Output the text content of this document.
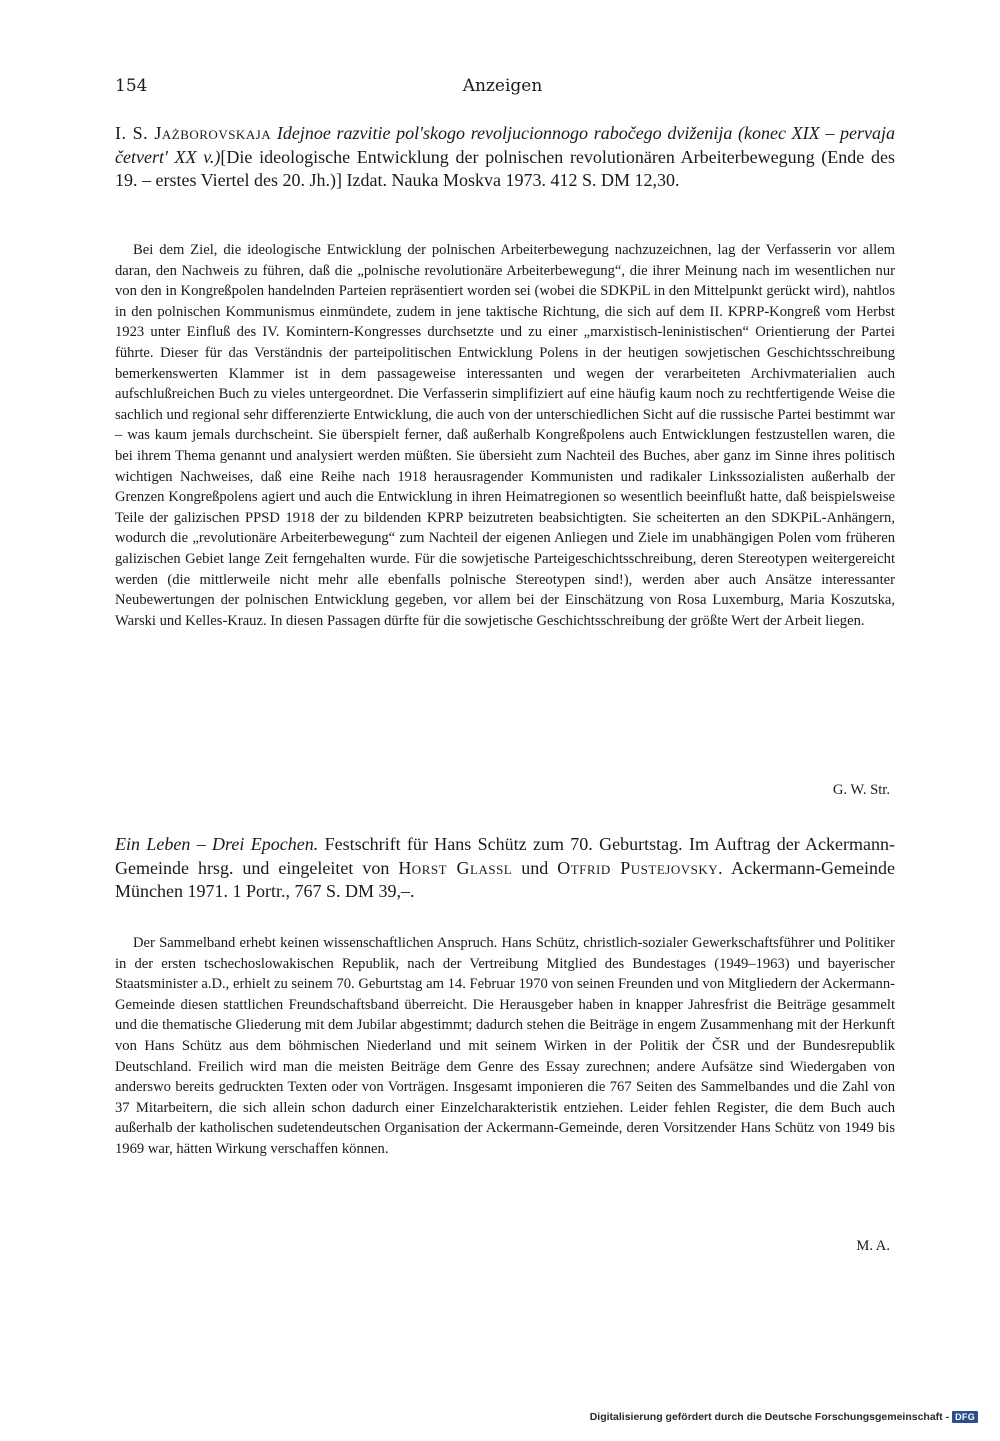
154	Anzeigen
I. S. Jażborovskaja Idejnoe razvitie pol'skogo revoljucionnogo rabočego dviženija (konec XIX – pervaja četvert' XX v.)[Die ideologische Entwicklung der polnischen revolutionären Arbeiterbewegung (Ende des 19. – erstes Viertel des 20. Jh.)] Izdat. Nauka Moskva 1973. 412 S. DM 12,30.
Bei dem Ziel, die ideologische Entwicklung der polnischen Arbeiterbewegung nachzuzeichnen, lag der Verfasserin vor allem daran, den Nachweis zu führen, daß die „polnische revolutionäre Arbeiterbewegung“, die ihrer Meinung nach im wesentlichen nur von den in Kongreßpolen handelnden Parteien repräsentiert worden sei (wobei die SDKPiL in den Mittelpunkt gerückt wird), nahtlos in den polnischen Kommunismus einmündete, zudem in jene taktische Richtung, die sich auf dem II. KPRP-Kongreß vom Herbst 1923 unter Einfluß des IV. Komintern-Kongresses durchsetzte und zu einer „marxistisch-leninistischen“ Orientierung der Partei führte. Dieser für das Verständnis der parteipolitischen Entwicklung Polens in der heutigen sowjetischen Geschichtsschreibung bemerkenswerten Klammer ist in dem passageweise interessanten und wegen der verarbeiteten Archivmaterialien auch aufschlußreichen Buch zu vieles untergeordnet. Die Verfasserin simplifiziert auf eine häufig kaum noch zu rechtfertigende Weise die sachlich und regional sehr differenzierte Entwicklung, die auch von der unterschiedlichen Sicht auf die russische Partei bestimmt war – was kaum jemals durchscheint. Sie überspielt ferner, daß außerhalb Kongreßpolens auch Entwicklungen festzustellen waren, die bei ihrem Thema genannt und analysiert werden müßten. Sie übersieht zum Nachteil des Buches, aber ganz im Sinne ihres politisch wichtigen Nachweises, daß eine Reihe nach 1918 herausragender Kommunisten und radikaler Linkssozialisten außerhalb der Grenzen Kongreßpolens agiert und auch die Entwicklung in ihren Heimatregionen so wesentlich beeinflußt hatte, daß beispielsweise Teile der galizischen PPSD 1918 der zu bildenden KPRP beizutreten beabsichtigten. Sie scheiterten an den SDKPiL-Anhängern, wodurch die „revolutionäre Arbeiterbewegung“ zum Nachteil der eigenen Anliegen und Ziele im unabhängigen Polen vom früheren galizischen Gebiet lange Zeit ferngehalten wurde. Für die sowjetische Parteigeschichtsschreibung, deren Stereotypen weitergereicht werden (die mittlerweile nicht mehr alle ebenfalls polnische Stereotypen sind!), werden aber auch Ansätze interessanter Neubewertungen der polnischen Entwicklung gegeben, vor allem bei der Einschätzung von Rosa Luxemburg, Maria Koszutska, Warski und Kelles-Krauz. In diesen Passagen dürfte für die sowjetische Geschichtsschreibung der größte Wert der Arbeit liegen.
G. W. Str.
Ein Leben – Drei Epochen. Festschrift für Hans Schütz zum 70. Geburtstag. Im Auftrag der Ackermann-Gemeinde hrsg. und eingeleitet von Horst Glassl und Otfrid Pustejovsky. Ackermann-Gemeinde München 1971. 1 Portr., 767 S. DM 39,–.
Der Sammelband erhebt keinen wissenschaftlichen Anspruch. Hans Schütz, christlich-sozialer Gewerkschaftsführer und Politiker in der ersten tschechoslowakischen Republik, nach der Vertreibung Mitglied des Bundestages (1949–1963) und bayerischer Staatsminister a.D., erhielt zu seinem 70. Geburtstag am 14. Februar 1970 von seinen Freunden und von Mitgliedern der Ackermann-Gemeinde diesen stattlichen Freundschaftsband überreicht. Die Herausgeber haben in knapper Jahresfrist die Beiträge gesammelt und die thematische Gliederung mit dem Jubilar abgestimmt; dadurch stehen die Beiträge in engem Zusammenhang mit der Herkunft von Hans Schütz aus dem böhmischen Niederland und mit seinem Wirken in der Politik der ČSR und der Bundesrepublik Deutschland. Freilich wird man die meisten Beiträge dem Genre des Essay zurechnen; andere Aufsätze sind Wiedergaben von anderswo bereits gedruckten Texten oder von Vorträgen. Insgesamt imponieren die 767 Seiten des Sammelbandes und die Zahl von 37 Mitarbeitern, die sich allein schon dadurch einer Einzelcharakteristik entziehen. Leider fehlen Register, die dem Buch auch außerhalb der katholischen sudetendeutschen Organisation der Ackermann-Gemeinde, deren Vorsitzender Hans Schütz von 1949 bis 1969 war, hätten Wirkung verschaffen können.
M. A.
Digitalisierung gefördert durch die Deutsche Forschungsgemeinschaft - DFG
